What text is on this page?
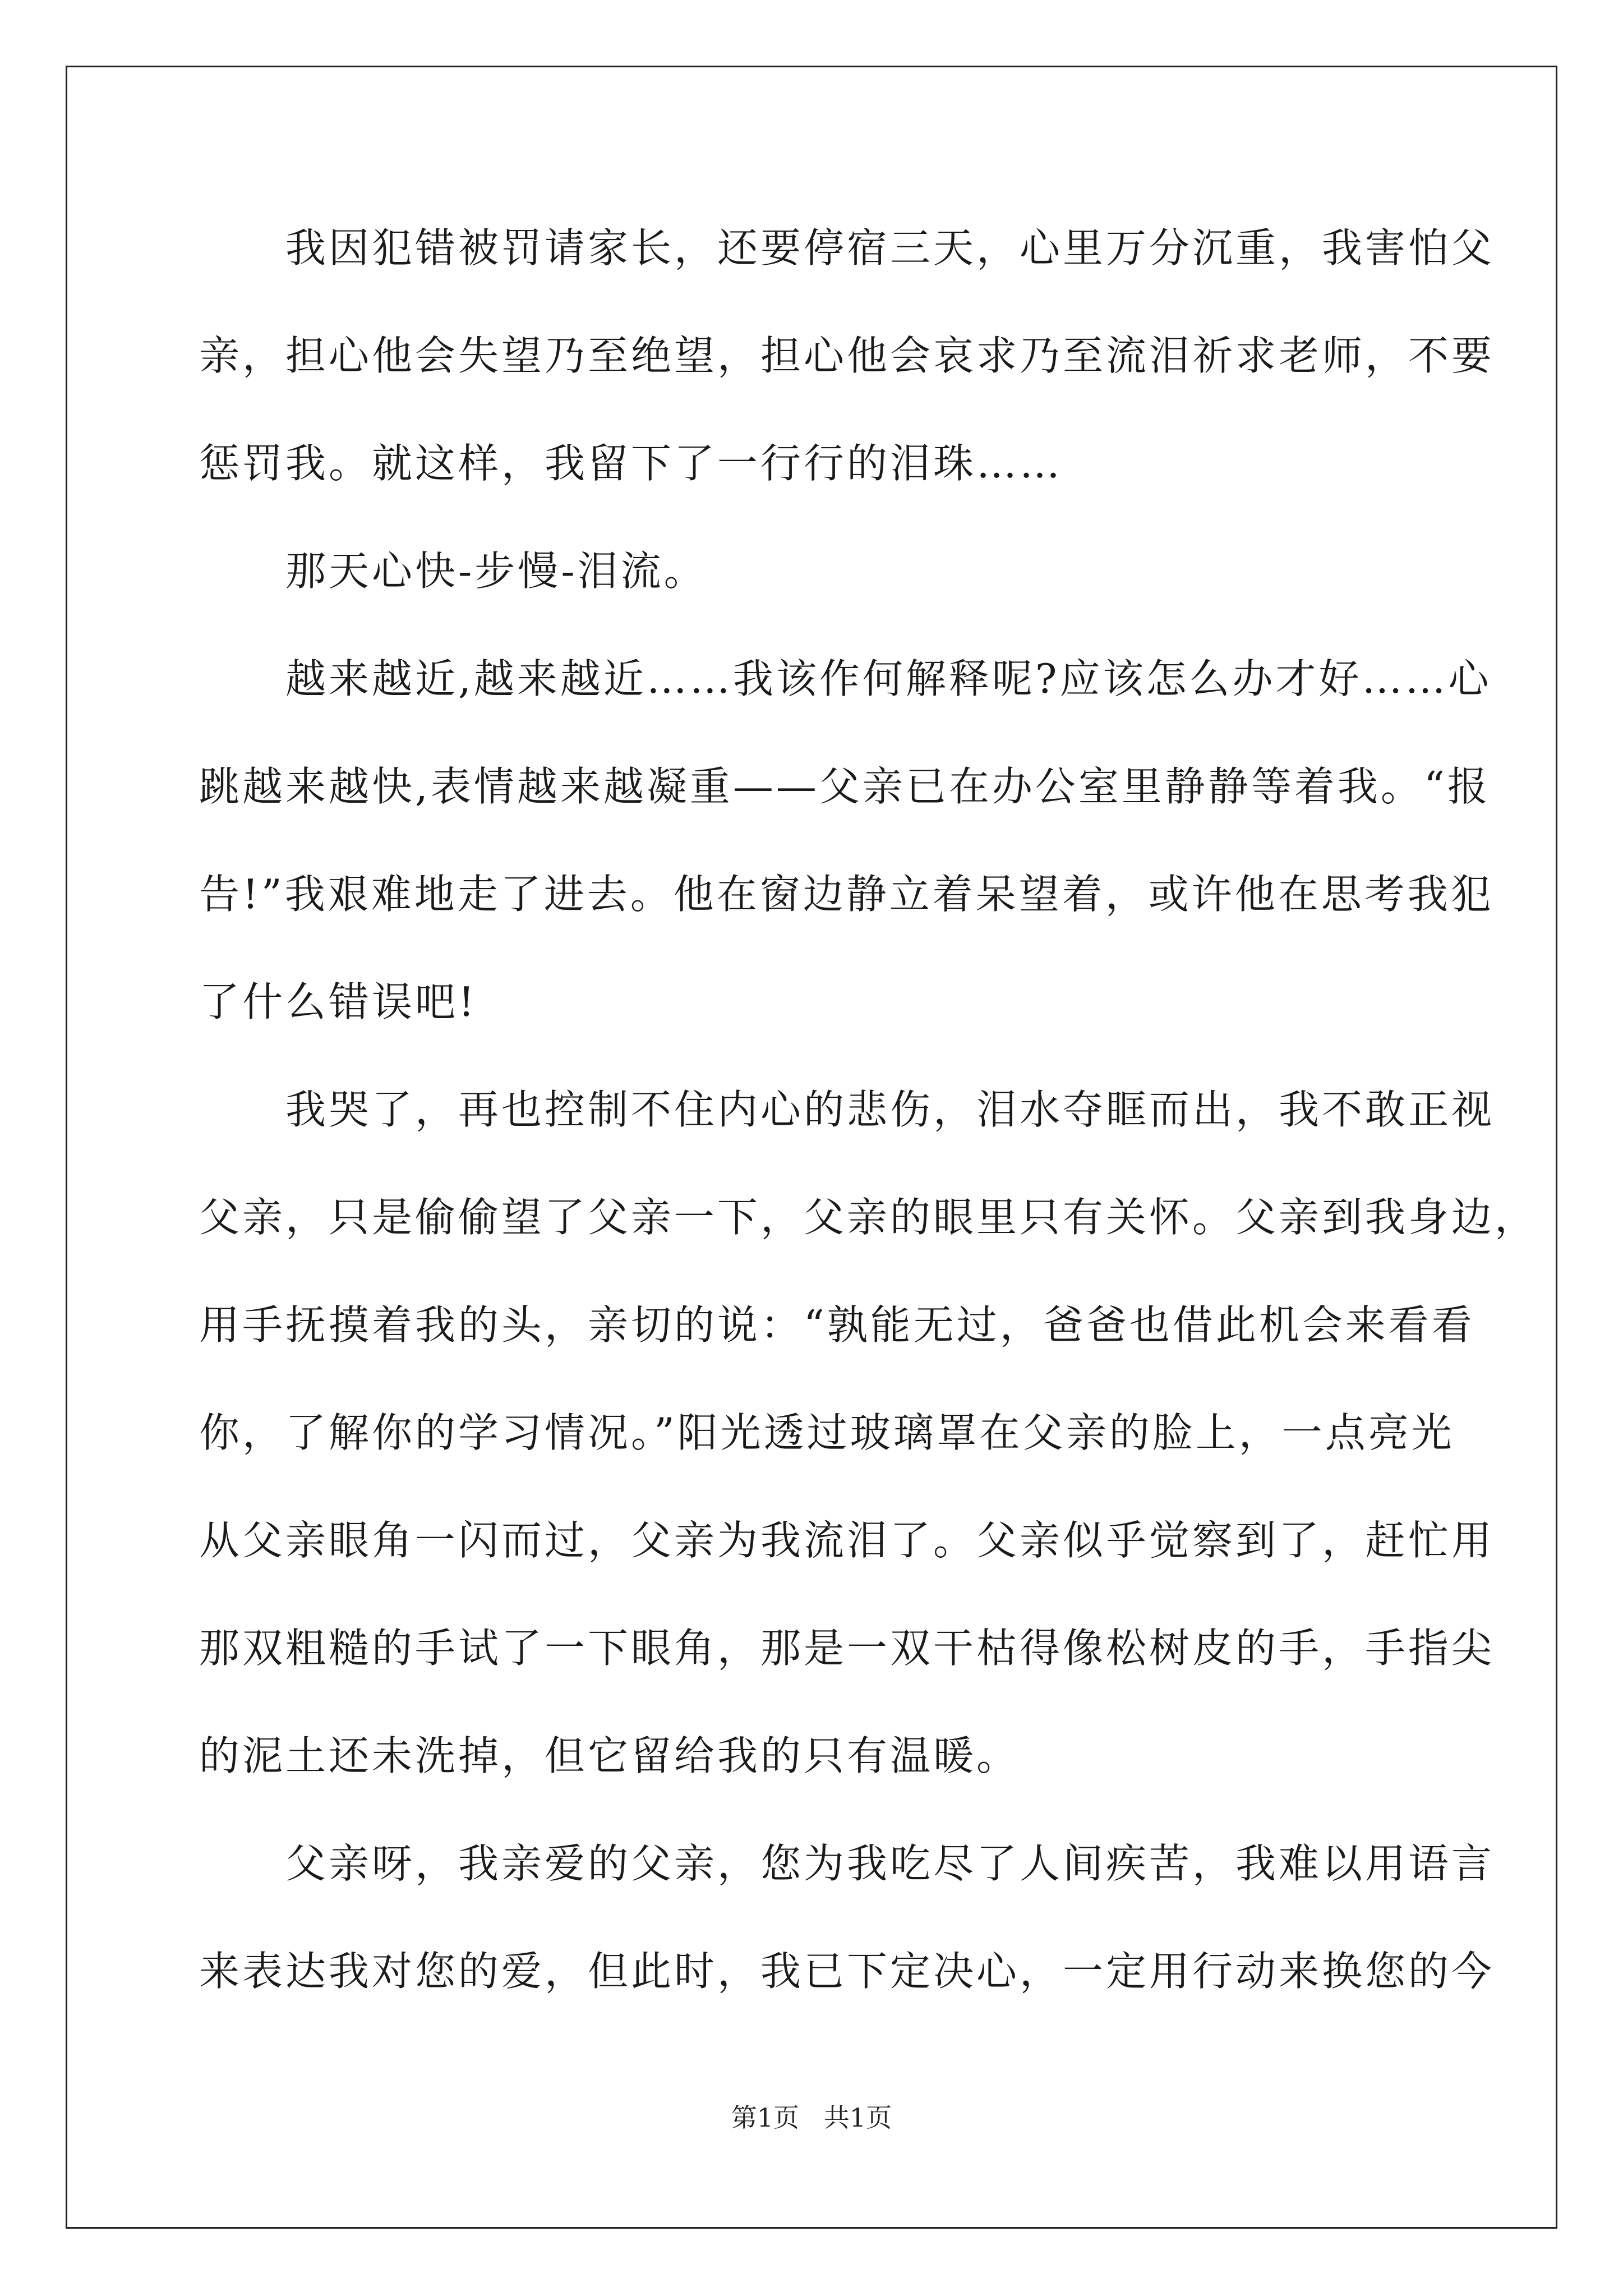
　　我因犯错被罚请家长，还要停宿三天，心里万分沉重，我害怕父
亲，担心他会失望乃至绝望，担心他会哀求乃至流泪祈求老师，不要
惩罚我。就这样，我留下了一行行的泪珠……
　　那天心快-步慢-泪流。
　　越来越近,越来越近……我该作何解释呢?应该怎么办才好……心
跳越来越快,表情越来越凝重——父亲已在办公室里静静等着我。“报
告!”我艰难地走了进去。他在窗边静立着呆望着，或许他在思考我犯
了什么错误吧!
　　我哭了，再也控制不住内心的悲伤，泪水夺眶而出，我不敢正视
父亲，只是偷偷望了父亲一下，父亲的眼里只有关怀。父亲到我身边，
用手抚摸着我的头，亲切的说：“孰能无过，爸爸也借此机会来看看
你，了解你的学习情况。”阳光透过玻璃罩在父亲的脸上，一点亮光
从父亲眼角一闪而过，父亲为我流泪了。父亲似乎觉察到了，赶忙用
那双粗糙的手试了一下眼角，那是一双干枯得像松树皮的手，手指尖
的泥土还未洗掉，但它留给我的只有温暖。
　　父亲呀，我亲爱的父亲，您为我吃尽了人间疾苦，我难以用语言
来表达我对您的爱，但此时，我已下定决心，一定用行动来换您的今
第1页   共1页
